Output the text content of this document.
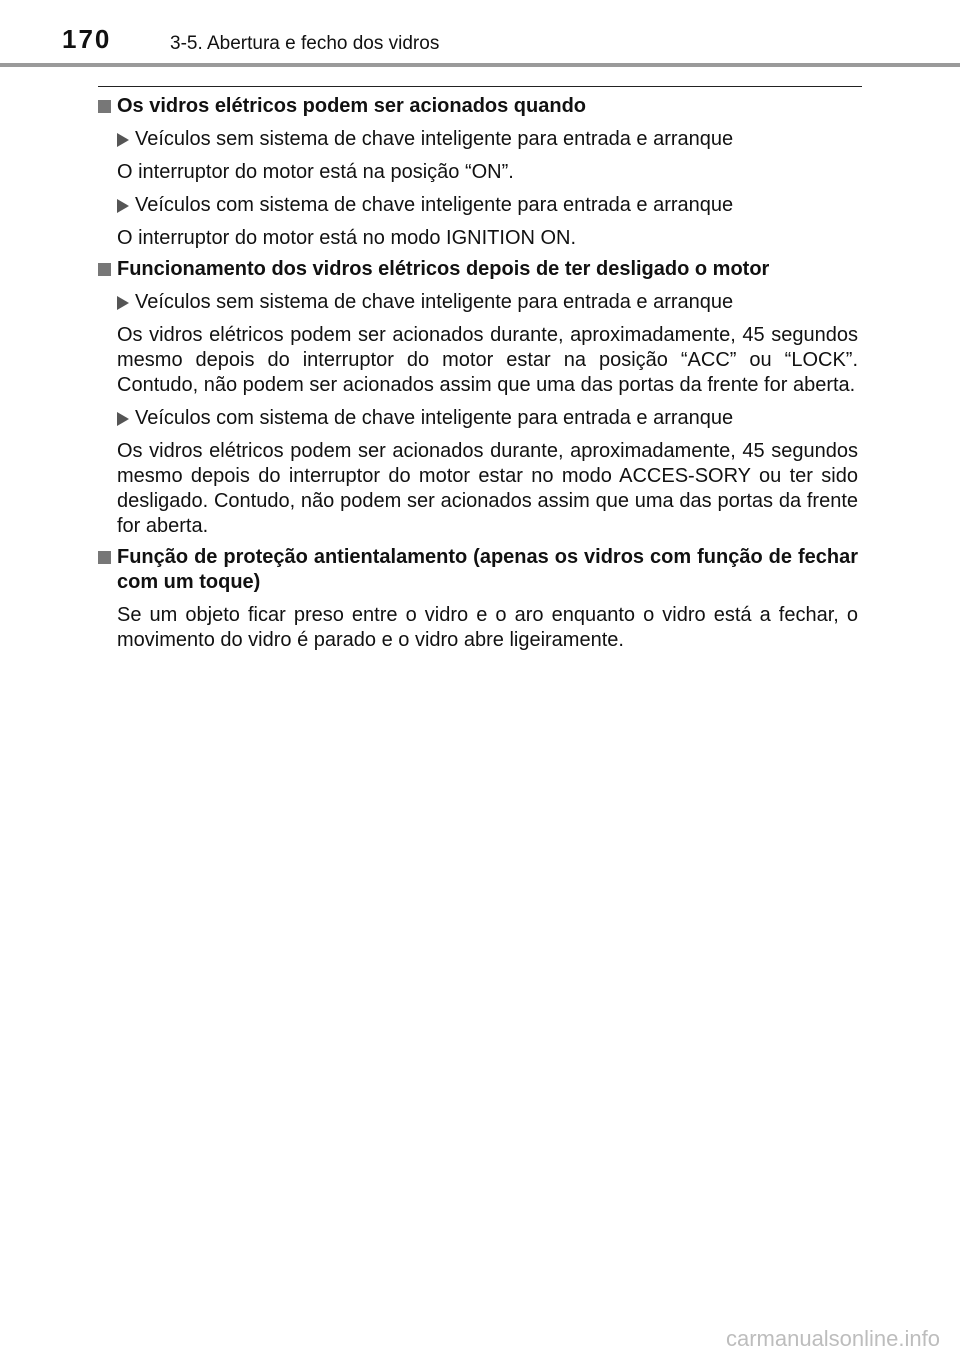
170	3-5. Abertura e fecho dos vidros
Os vidros elétricos podem ser acionados quando
Veículos sem sistema de chave inteligente para entrada e arranque
O interruptor do motor está na posição “ON”.
Veículos com sistema de chave inteligente para entrada e arranque
O interruptor do motor está no modo IGNITION ON.
Funcionamento dos vidros elétricos depois de ter desligado o motor
Veículos sem sistema de chave inteligente para entrada e arranque
Os vidros elétricos podem ser acionados durante, aproximadamente, 45 segundos mesmo depois do interruptor do motor estar na posição “ACC” ou “LOCK”. Contudo, não podem ser acionados assim que uma das portas da frente for aberta.
Veículos com sistema de chave inteligente para entrada e arranque
Os vidros elétricos podem ser acionados durante, aproximadamente, 45 segundos mesmo depois do interruptor do motor estar no modo ACCES-SORY ou ter sido desligado. Contudo, não podem ser acionados assim que uma das portas da frente for aberta.
Função de proteção antientalamento (apenas os vidros com função de fechar com um toque)
Se um objeto ficar preso entre o vidro e o aro enquanto o vidro está a fechar, o movimento do vidro é parado e o vidro abre ligeiramente.
carmanualsonline.info
